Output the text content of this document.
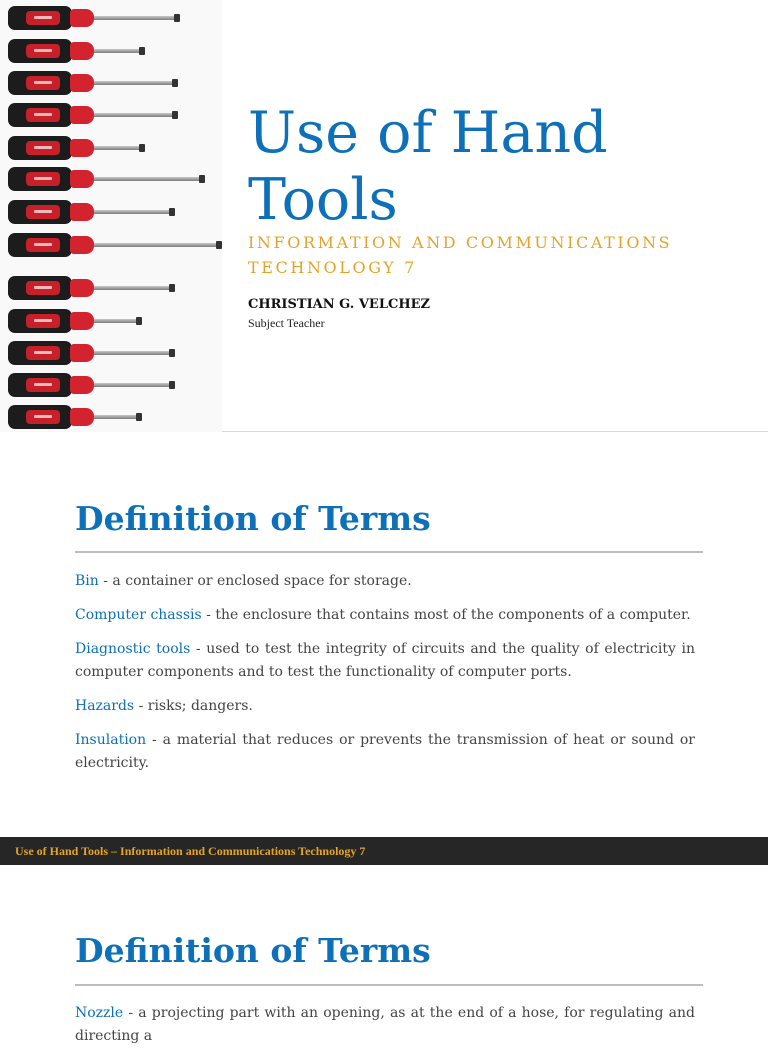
Use of Hand Tools
INFORMATION AND COMMUNICATIONS TECHNOLOGY 7
CHRISTIAN G. VELCHEZ
Subject Teacher
Definition of Terms

Bin - a container or enclosed space for storage.

Computer chassis - the enclosure that contains most of the components of a computer.

Diagnostic tools - used to test the integrity of circuits and the quality of electricity in computer components and to test the functionality of computer ports.

Hazards - risks; dangers.

Insulation - a material that reduces or prevents the transmission of heat or sound or electricity.

Use of Hand Tools – Information and Communications Technology 7
Definition of Terms

Nozzle - a projecting part with an opening, as at the end of a hose, for regulating and directing a
